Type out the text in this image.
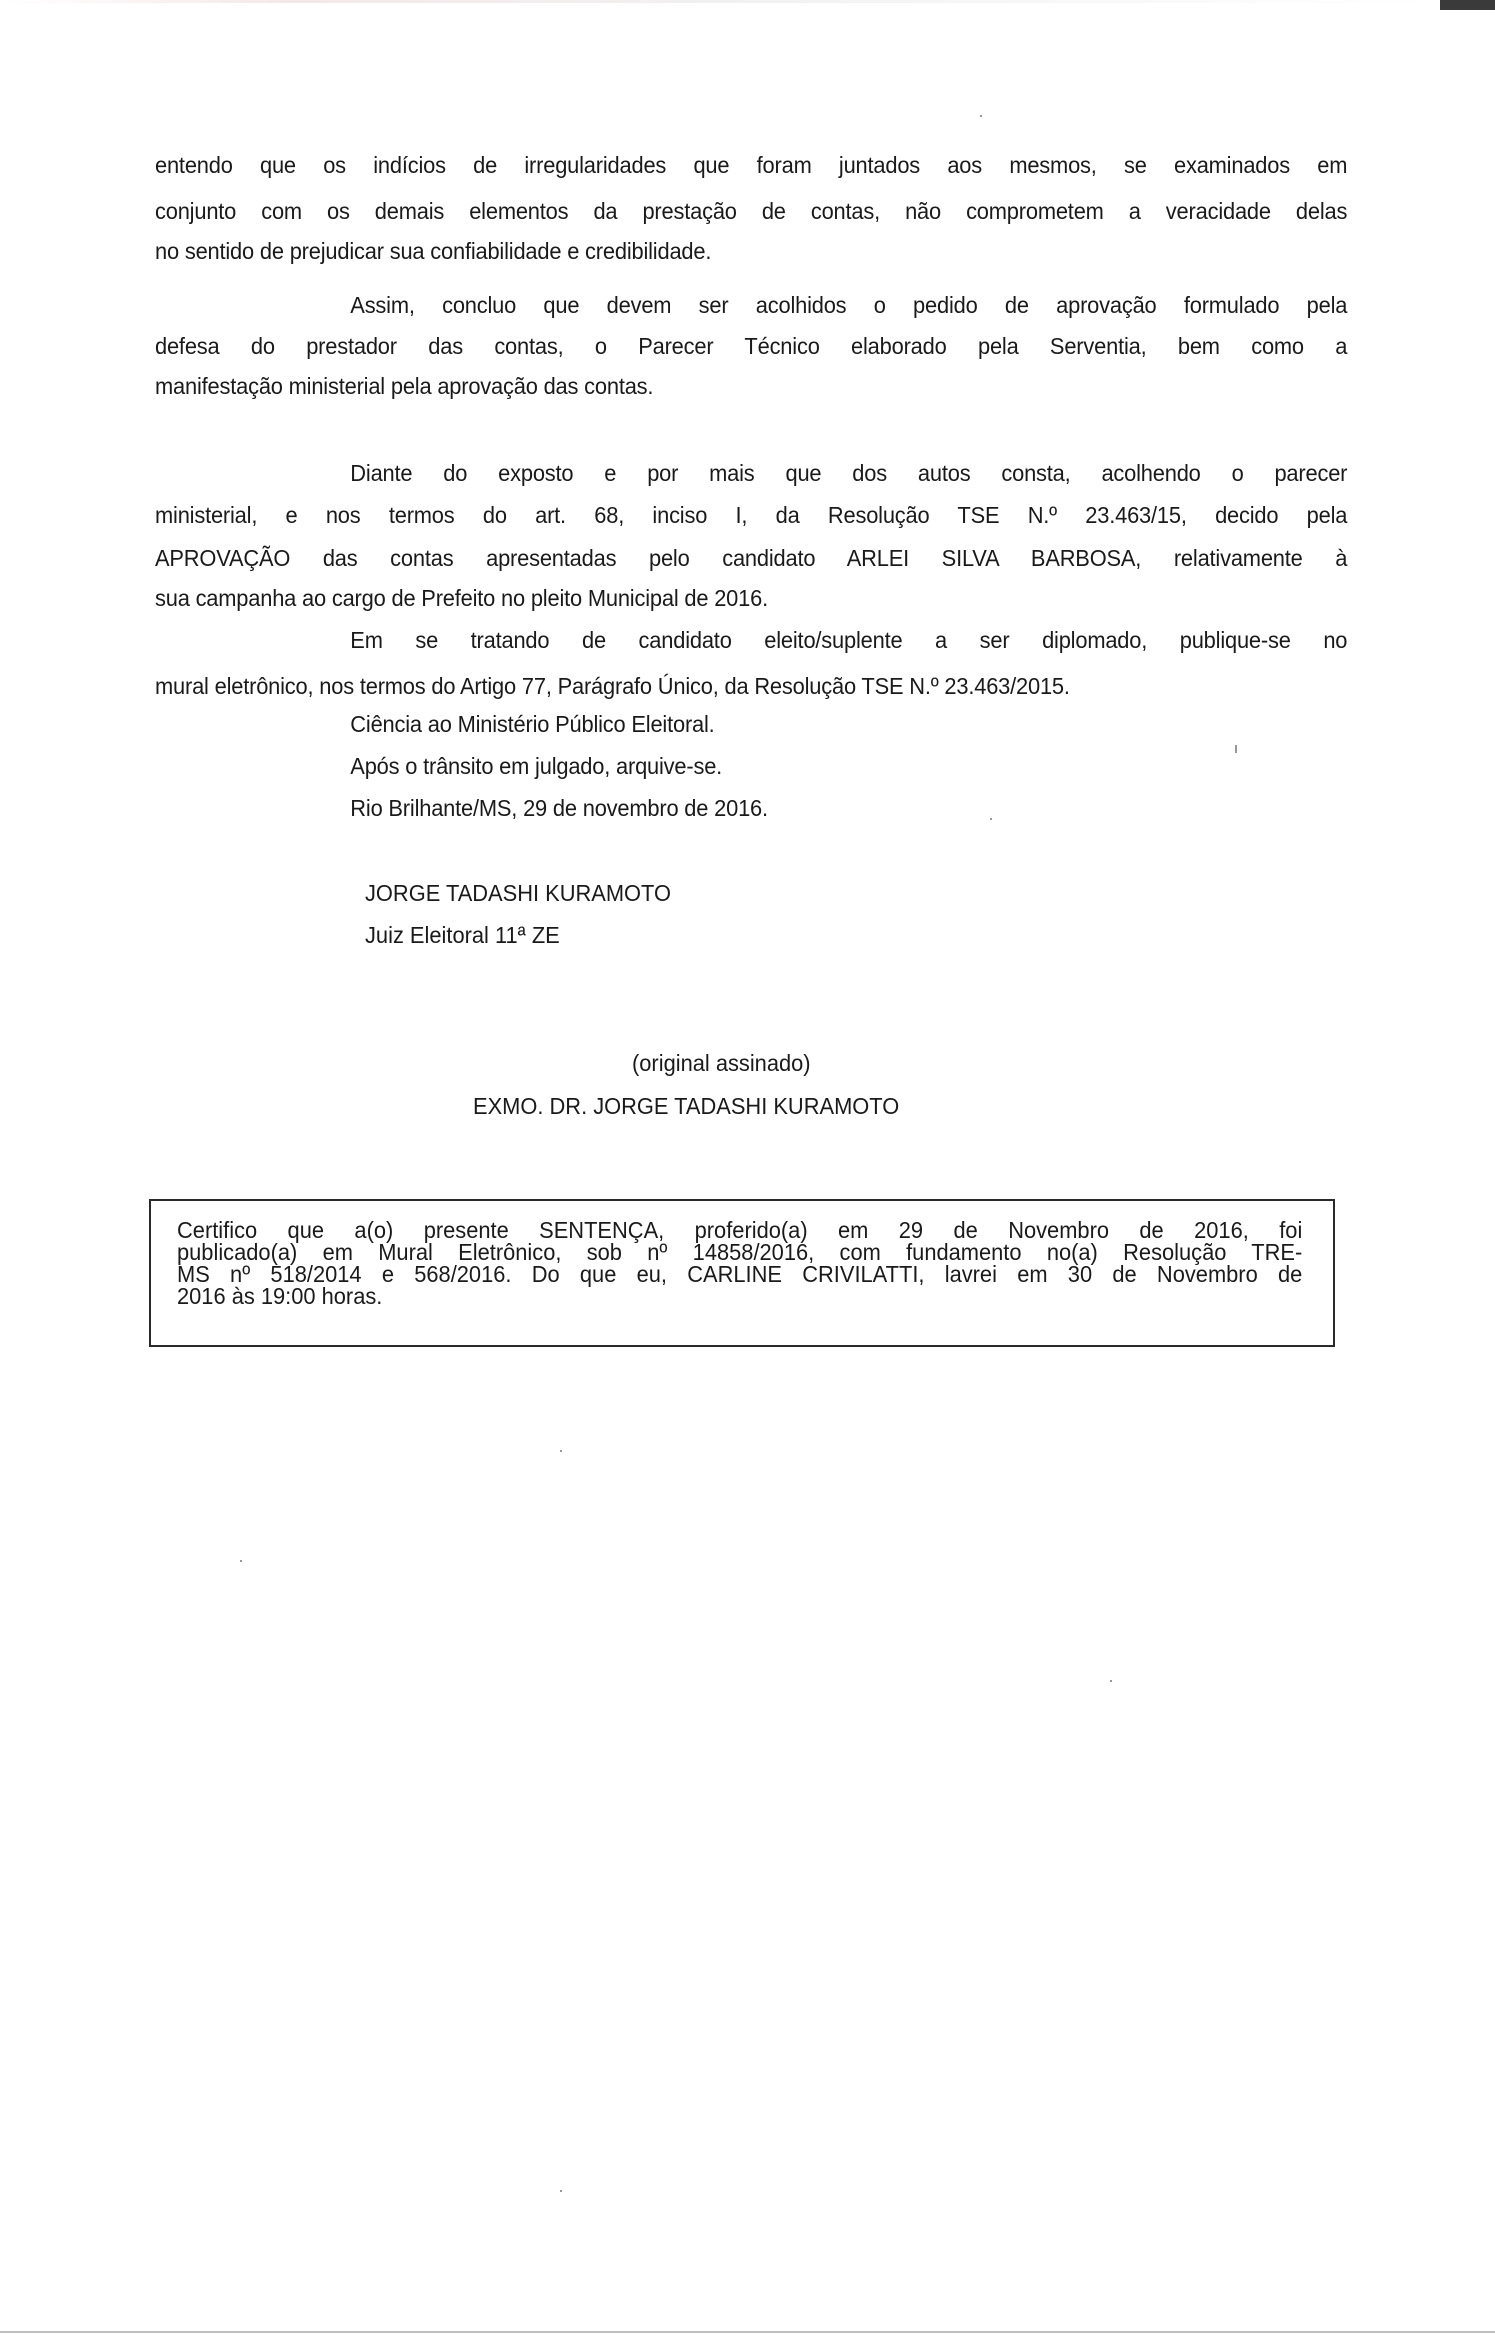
entendo que os indícios de irregularidades que foram juntados aos mesmos, se examinados em
conjunto com os demais elementos da prestação de contas, não comprometem a veracidade delas
no sentido de prejudicar sua confiabilidade e credibilidade.
Assim, concluo que devem ser acolhidos o pedido de aprovação formulado pela
defesa do prestador das contas, o Parecer Técnico elaborado pela Serventia, bem como a
manifestação ministerial pela aprovação das contas.
Diante do exposto e por mais que dos autos consta, acolhendo o parecer
ministerial, e nos termos do art. 68, inciso I, da Resolução TSE N.º 23.463/15, decido pela
APROVAÇÃO das contas apresentadas pelo candidato ARLEI SILVA BARBOSA, relativamente à
sua campanha ao cargo de Prefeito no pleito Municipal de 2016.
Em se tratando de candidato eleito/suplente a ser diplomado, publique-se no
mural eletrônico, nos termos do Artigo 77, Parágrafo Único, da Resolução TSE N.º 23.463/2015.
Ciência ao Ministério Público Eleitoral.
Após o trânsito em julgado, arquive-se.
Rio Brilhante/MS, 29 de novembro de 2016.
JORGE TADASHI KURAMOTO
Juiz Eleitoral 11ª ZE
(original assinado)
EXMO. DR. JORGE TADASHI KURAMOTO
Certifico que a(o) presente SENTENÇA, proferido(a) em 29 de Novembro de 2016, foi
publicado(a) em Mural Eletrônico, sob nº 14858/2016, com fundamento no(a) Resolução TRE-
MS nº 518/2014 e 568/2016. Do que eu, CARLINE CRIVILATTI, lavrei em 30 de Novembro de
2016 às 19:00 horas.
